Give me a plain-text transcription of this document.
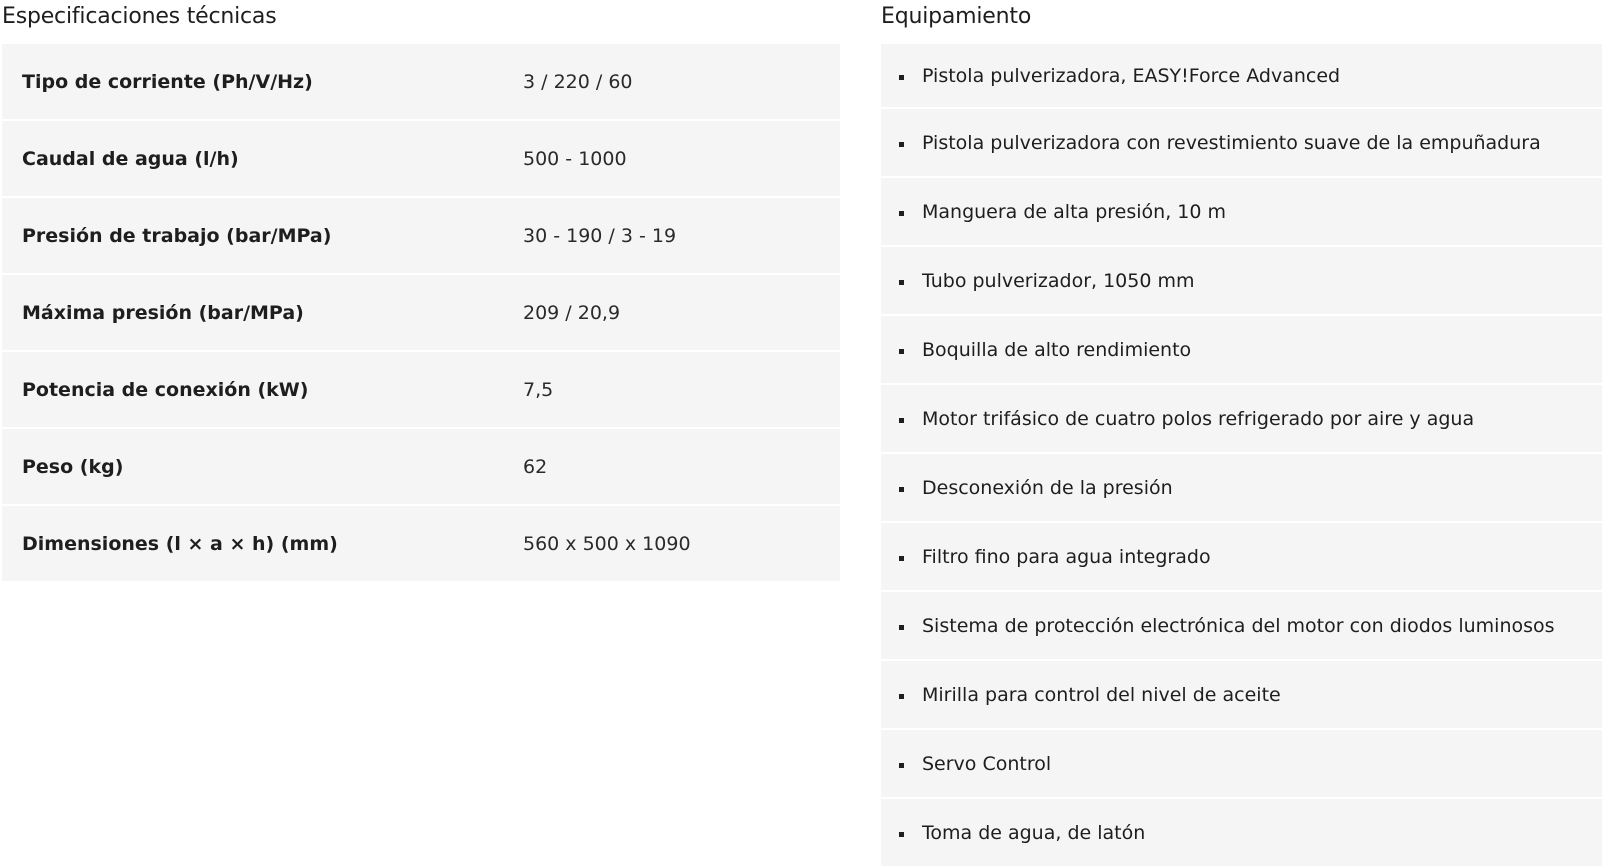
Especificaciones técnicas
Tipo de corriente (Ph/V/Hz)	3 / 220 / 60
Caudal de agua (l/h)	500 - 1000
Presión de trabajo (bar/MPa)	30 - 190 / 3 - 19
Máxima presión (bar/MPa)	209 / 20,9
Potencia de conexión (kW)	7,5
Peso (kg)	62
Dimensiones (l × a × h) (mm)	560 x 500 x 1090
Equipamiento
Pistola pulverizadora, EASY!Force Advanced
Pistola pulverizadora con revestimiento suave de la empuñadura
Manguera de alta presión, 10 m
Tubo pulverizador, 1050 mm
Boquilla de alto rendimiento
Motor trifásico de cuatro polos refrigerado por aire y agua
Desconexión de la presión
Filtro fino para agua integrado
Sistema de protección electrónica del motor con diodos luminosos
Mirilla para control del nivel de aceite
Servo Control
Toma de agua, de latón
